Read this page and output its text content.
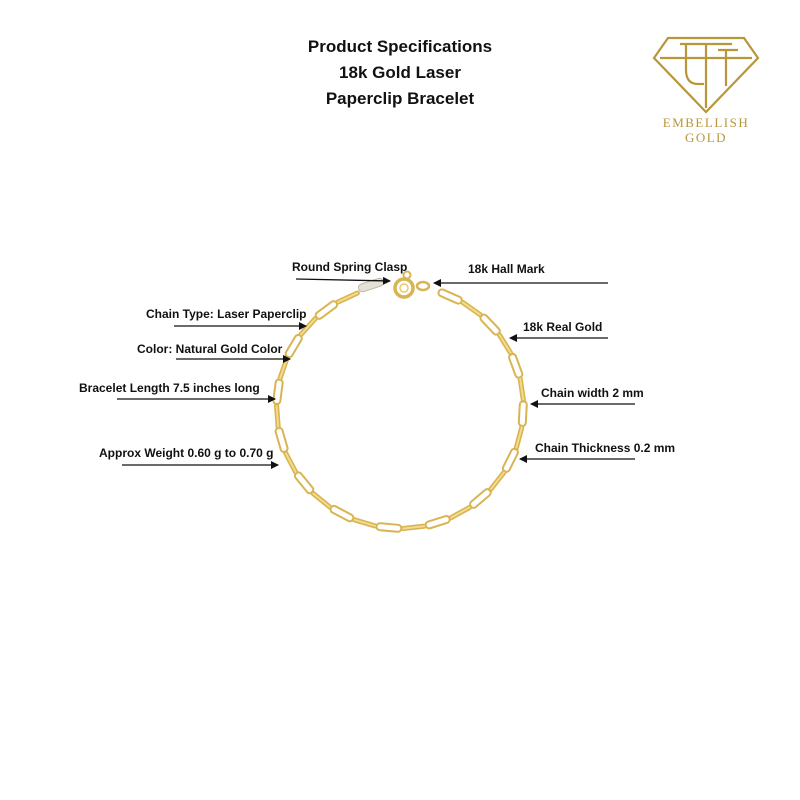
Product Specifications
18k Gold Laser
Paperclip Bracelet
EMBELLISH
GOLD
Round Spring Clasp	18k Hall Mark
Chain Type: Laser Paperclip
18k Real Gold
Color: Natural Gold Color
Bracelet Length 7.5 inches long	Chain width 2 mm
Approx Weight 0.60 g to 0.70 g	Chain Thickness 0.2 mm
